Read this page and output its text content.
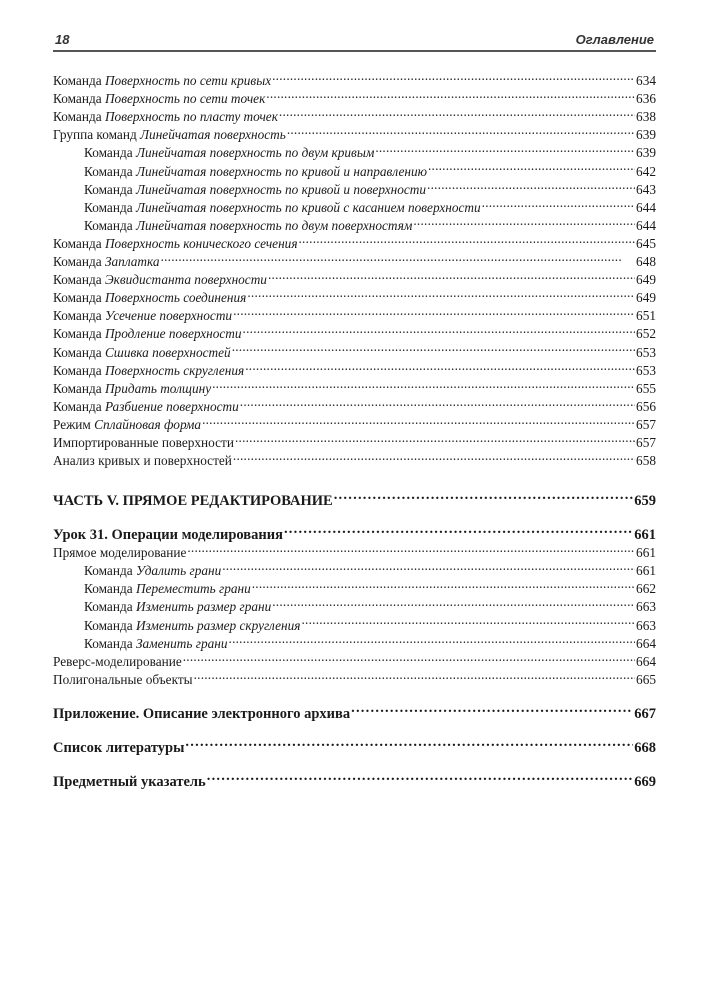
18	Оглавление
Команда Поверхность по сети кривых . . .	634
Команда Поверхность по сети точек . . .	636
Команда Поверхность по пласту точек . . .	638
Группа команд Линейчатая поверхность . . .	639
Команда Линейчатая поверхность по двум кривым . . .	639
Команда Линейчатая поверхность по кривой и направлению . . .	642
Команда Линейчатая поверхность по кривой и поверхности . . .	643
Команда Линейчатая поверхность по кривой с касанием поверхности . . .	644
Команда Линейчатая поверхность по двум поверхностям . . .	644
Команда Поверхность конического сечения . . .	645
Команда Заплатка . . .	648
Команда Эквидистанта поверхности . . .	649
Команда Поверхность соединения . . .	649
Команда Усечение поверхности . . .	651
Команда Продление поверхности . . .	652
Команда Сшивка поверхностей . . .	653
Команда Поверхность скругления . . .	653
Команда Придать толщину . . .	655
Команда Разбиение поверхности . . .	656
Режим Сплайновая форма . . .	657
Импортированные поверхности . . .	657
Анализ кривых и поверхностей . . .	658
ЧАСТЬ V. ПРЯМОЕ РЕДАКТИРОВАНИЕ . . .	659
Урок 31. Операции моделирования . . .	661
Прямое моделирование . . .	661
Команда Удалить грани . . .	661
Команда Переместить грани . . .	662
Команда Изменить размер грани . . .	663
Команда Изменить размер скругления . . .	663
Команда Заменить грани . . .	664
Реверс-моделирование . . .	664
Полигональные объекты . . .	665
Приложение. Описание электронного архива . . .	667
Список литературы . . .	668
Предметный указатель . . .	669
